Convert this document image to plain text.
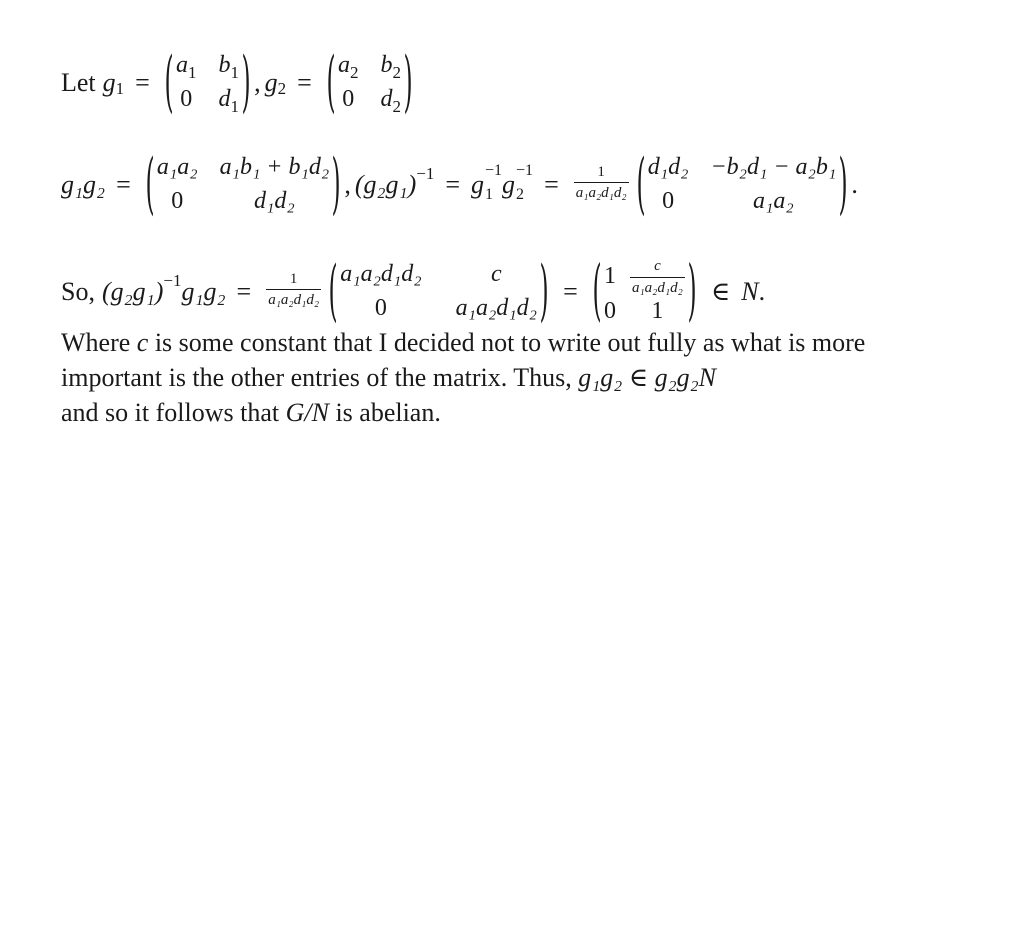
Let g 1 = ( $a_1$ $b_1$
0 $d_1$ ) , g 2 = ( $a_2$ $b_2$
0 $d_2$ )
g₁g₂ = ( a₁a₂ a₁b₁ + b₁d₂
0	d₁d₂	) , (g₂g₁) −1 = g −1
1 g −1
2 =	$\frac{1}{\text{a₁a₂d₁d₂}}$ ( d₁d₂ −b₂d₁ − a₂b₁
0	a₁a₂	) .
So, (g₂g₁) −1 g₁g₂ =	$\frac{1}{\text{a₁a₂d₁d₂}}$ ( a₁a₂d₁d₂	c
0	a₁a₂d₁d₂ ) = ( $1 \frac{c}{\text{a₁a₂d₁d₂}}$
0	1 ) ∈ N .
Where c is some constant that I decided not to write out fully as what is more important is the other entries of the matrix. Thus, g₁g₂ ∈ g₂g₂N
and so it follows that G/N is abelian.
